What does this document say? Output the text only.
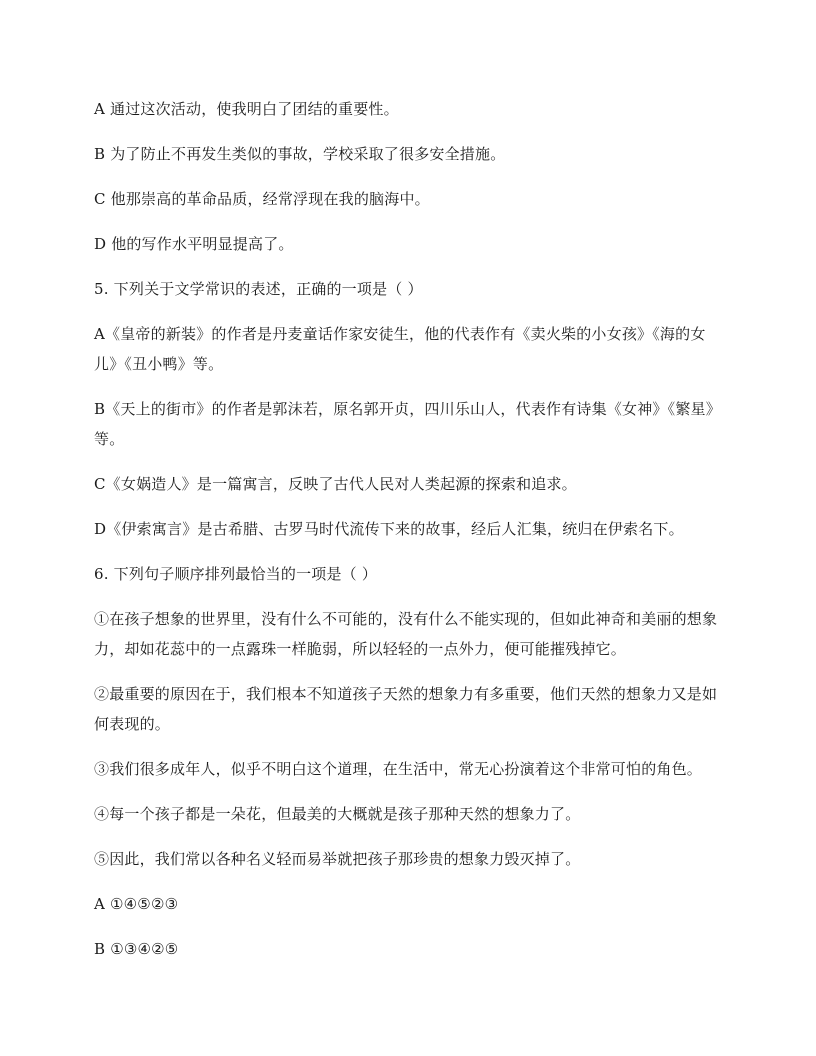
A 通过这次活动，使我明白了团结的重要性。

B 为了防止不再发生类似的事故，学校采取了很多安全措施。

C 他那崇高的革命品质，经常浮现在我的脑海中。

D 他的写作水平明显提高了。

5. 下列关于文学常识的表述，正确的一项是（ ）

A《皇帝的新装》的作者是丹麦童话作家安徒生，他的代表作有《卖火柴的小女孩》《海的女儿》《丑小鸭》等。

B《天上的街市》的作者是郭沫若，原名郭开贞，四川乐山人，代表作有诗集《女神》《繁星》等。

C《女娲造人》是一篇寓言，反映了古代人民对人类起源的探索和追求。

D《伊索寓言》是古希腊、古罗马时代流传下来的故事，经后人汇集，统归在伊索名下。

6. 下列句子顺序排列最恰当的一项是（ ）

①在孩子想象的世界里，没有什么不可能的，没有什么不能实现的，但如此神奇和美丽的想象力，却如花蕊中的一点露珠一样脆弱，所以轻轻的一点外力，便可能摧残掉它。

②最重要的原因在于，我们根本不知道孩子天然的想象力有多重要，他们天然的想象力又是如何表现的。

③我们很多成年人，似乎不明白这个道理，在生活中，常无心扮演着这个非常可怕的角色。

④每一个孩子都是一朵花，但最美的大概就是孩子那种天然的想象力了。

⑤因此，我们常以各种名义轻而易举就把孩子那珍贵的想象力毁灭掉了。

A ①④⑤②③

B ①③④②⑤
